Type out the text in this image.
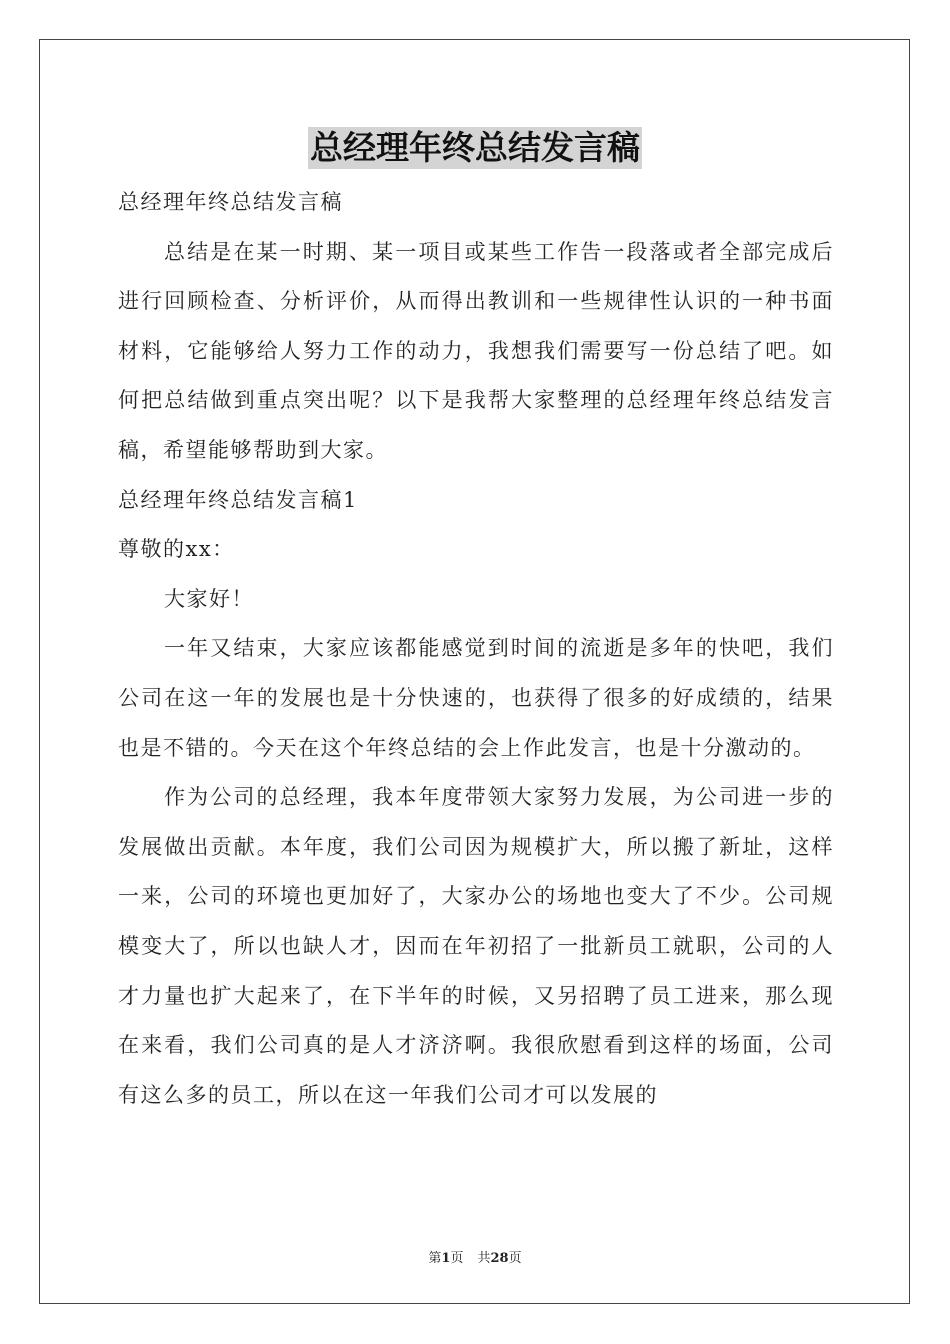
总经理年终总结发言稿

总经理年终总结发言稿

总结是在某一时期、某一项目或某些工作告一段落或者全部完成后进行回顾检查、分析评价，从而得出教训和一些规律性认识的一种书面材料，它能够给人努力工作的动力，我想我们需要写一份总结了吧。如何把总结做到重点突出呢？以下是我帮大家整理的总经理年终总结发言稿，希望能够帮助到大家。

总经理年终总结发言稿1

尊敬的xx：

大家好！

一年又结束，大家应该都能感觉到时间的流逝是多年的快吧，我们公司在这一年的发展也是十分快速的，也获得了很多的好成绩的，结果也是不错的。今天在这个年终总结的会上作此发言，也是十分激动的。

作为公司的总经理，我本年度带领大家努力发展，为公司进一步的发展做出贡献。本年度，我们公司因为规模扩大，所以搬了新址，这样一来，公司的环境也更加好了，大家办公的场地也变大了不少。公司规模变大了，所以也缺人才，因而在年初招了一批新员工就职，公司的人才力量也扩大起来了，在下半年的时候，又另招聘了员工进来，那么现在来看，我们公司真的是人才济济啊。我很欣慰看到这样的场面，公司有这么多的员工，所以在这一年我们公司才可以发展的

第1页 共28页
